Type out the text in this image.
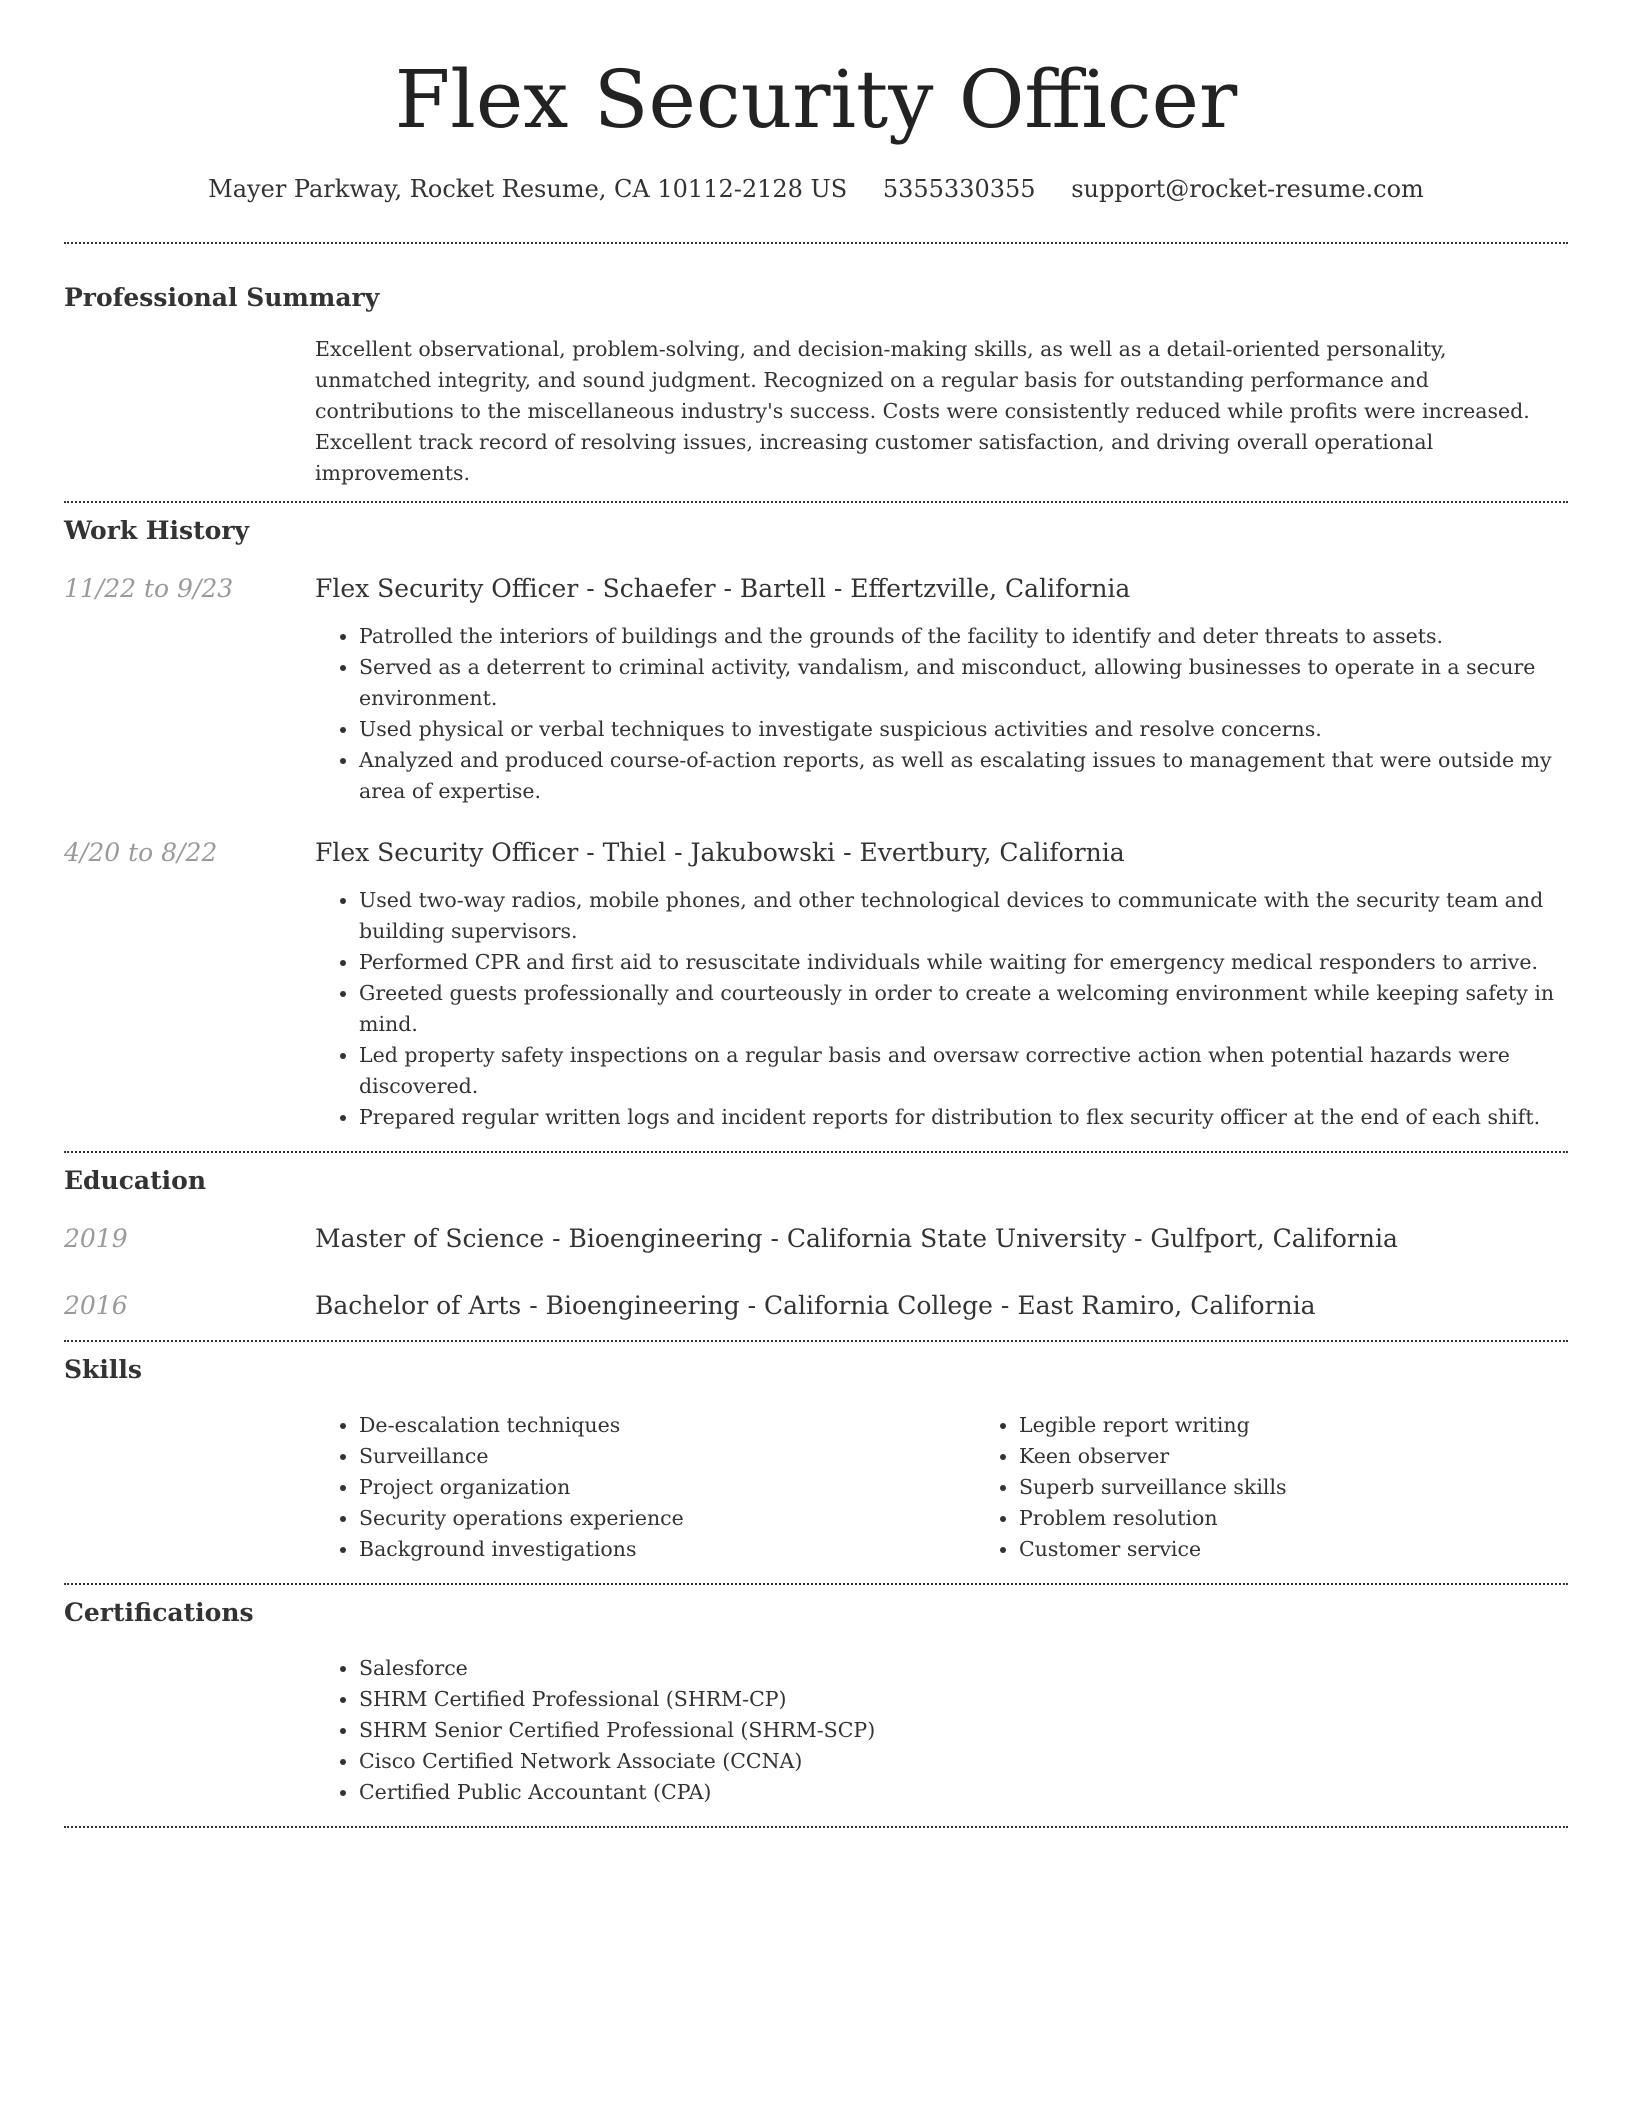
Flex Security Officer
Mayer Parkway, Rocket Resume, CA 10112-2128 US 5355330355 support@rocket-resume.com
Professional Summary

Excellent observational, problem-solving, and decision-making skills, as well as a detail-oriented personality, unmatched integrity, and sound judgment. Recognized on a regular basis for outstanding performance and contributions to the miscellaneous industry's success. Costs were consistently reduced while profits were increased. Excellent track record of resolving issues, increasing customer satisfaction, and driving overall operational improvements.

Work History
11/22 to 9/23	Flex Security Officer - Schaefer - Bartell - Effertzville, California
• Patrolled the interiors of buildings and the grounds of the facility to identify and deter threats to assets.
• Served as a deterrent to criminal activity, vandalism, and misconduct, allowing businesses to operate in a secure environment.
• Used physical or verbal techniques to investigate suspicious activities and resolve concerns.
• Analyzed and produced course-of-action reports, as well as escalating issues to management that were outside my area of expertise.
4/20 to 8/22	Flex Security Officer - Thiel - Jakubowski - Evertbury, California
• Used two-way radios, mobile phones, and other technological devices to communicate with the security team and building supervisors.
• Performed CPR and first aid to resuscitate individuals while waiting for emergency medical responders to arrive.
• Greeted guests professionally and courteously in order to create a welcoming environment while keeping safety in mind.
• Led property safety inspections on a regular basis and oversaw corrective action when potential hazards were discovered.
• Prepared regular written logs and incident reports for distribution to flex security officer at the end of each shift.
Education
2019	Master of Science - Bioengineering - California State University - Gulfport, California
2016	Bachelor of Arts - Bioengineering - California College - East Ramiro, California
Skills
• De-escalation techniques
• Surveillance
• Project organization
• Security operations experience
• Background investigations
• Legible report writing
• Keen observer
• Superb surveillance skills
• Problem resolution
• Customer service
Certifications
• Salesforce
• SHRM Certified Professional (SHRM-CP)
• SHRM Senior Certified Professional (SHRM-SCP)
• Cisco Certified Network Associate (CCNA)
• Certified Public Accountant (CPA)
